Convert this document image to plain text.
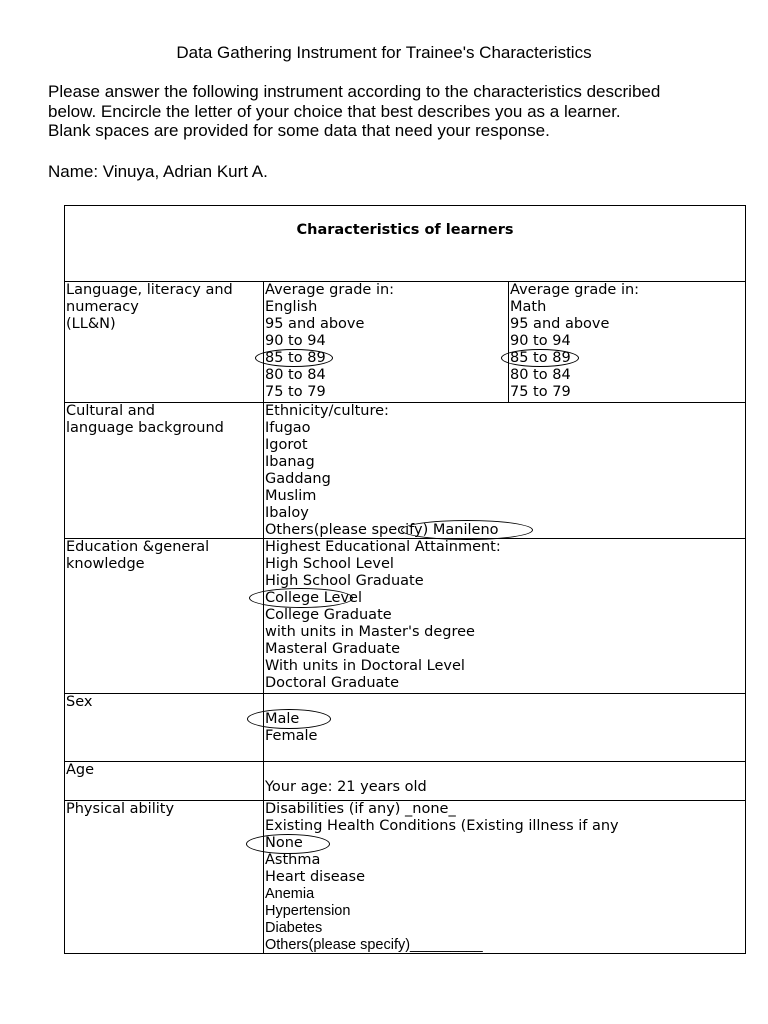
Data Gathering Instrument for Trainee's Characteristics
Please answer the following instrument according to the characteristics described
below. Encircle the letter of your choice that best describes you as a learner.
Blank spaces are provided for some data that need your response.
Name: Vinuya, Adrian Kurt A.
Characteristics of learners
Language, literacy and
numeracy
(LL&N)
Average grade in:
English
95 and above
90 to 94
85 to 89
80 to 84
75 to 79
Average grade in:
Math
95 and above
90 to 94
85 to 89
80 to 84
75 to 79
Cultural and
language background
Ethnicity/culture:
Ifugao
Igorot
Ibanag
Gaddang
Muslim
Ibaloy
Others(please specify) Manileno
Education &general
knowledge
Highest Educational Attainment:
High School Level
High School Graduate
College Level
College Graduate
with units in Master's degree
Masteral Graduate
With units in Doctoral Level
Doctoral Graduate
Sex
Male
Female
Age
Your age: 21 years old
Physical ability	Disabilities (if any) _none_
Existing Health Conditions (Existing illness if any
None
Asthma
Heart disease
Anemia
Hypertension
Diabetes
Others(please specify)_________
